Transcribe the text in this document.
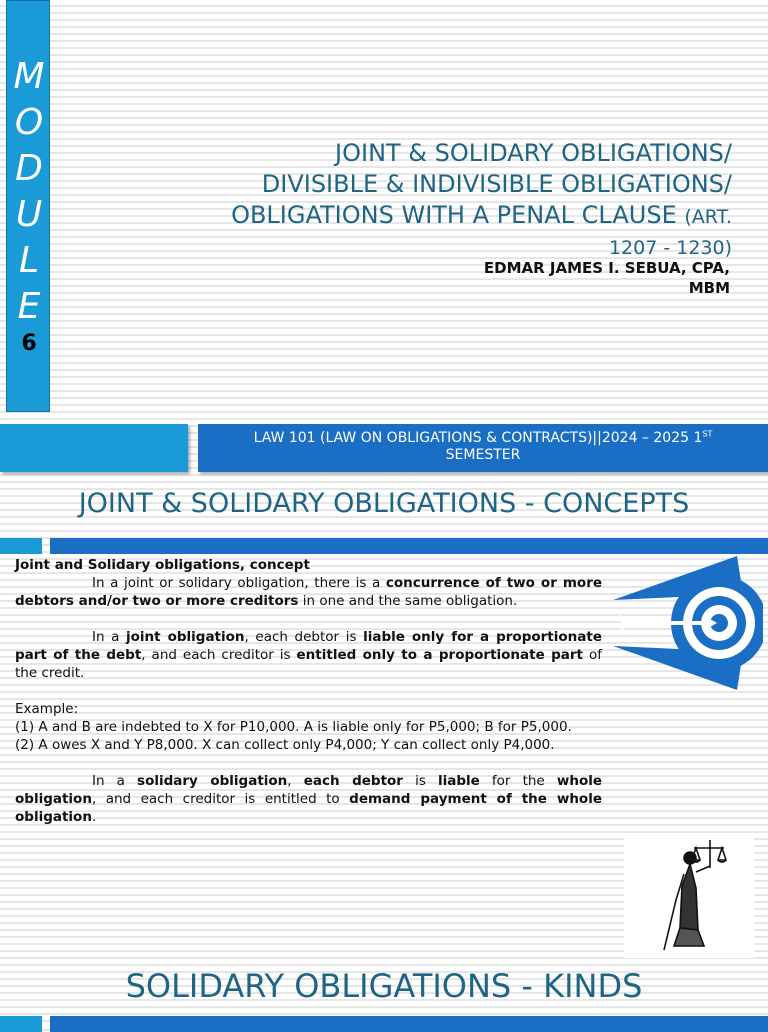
M
O
D
U
L
E
6
JOINT & SOLIDARY OBLIGATIONS/
DIVISIBLE & INDIVISIBLE OBLIGATIONS/
OBLIGATIONS WITH A PENAL CLAUSE (ART.
1207 - 1230)
EDMAR JAMES I. SEBUA, CPA,
MBM
LAW 101 (LAW ON OBLIGATIONS & CONTRACTS)||2024 – 2025 1ST
SEMESTER
JOINT & SOLIDARY OBLIGATIONS - CONCEPTS

Joint and Solidary obligations, concept

In a joint or solidary obligation, there is a concurrence of two or more debtors and/or two or more creditors in one and the same obligation.

In a joint obligation, each debtor is liable only for a proportionate part of the debt, and each creditor is entitled only to a proportionate part of the credit.

Example:

(1) A and B are indebted to X for P10,000. A is liable only for P5,000; B for P5,000.

(2) A owes X and Y P8,000. X can collect only P4,000; Y can collect only P4,000.

In a solidary obligation, each debtor is liable for the whole obligation, and each creditor is entitled to demand payment of the whole obligation.

SOLIDARY OBLIGATIONS - KINDS
